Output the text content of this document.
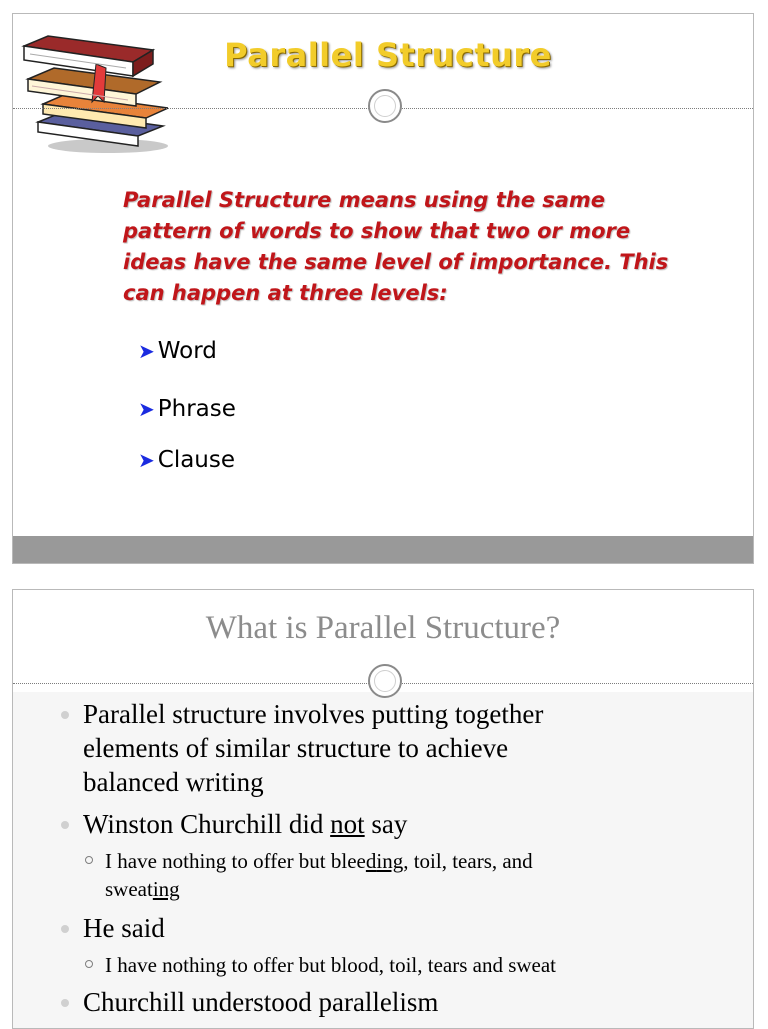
Parallel Structure
Parallel Structure means using the same pattern of words to show that two or more ideas have the same level of importance. This can happen at three levels:
➤ Word
➤ Phrase
➤ Clause
What is Parallel Structure?
Parallel structure involves putting together
elements of similar structure to achieve
balanced writing
Winston Churchill did not say
I have nothing to offer but bleeding, toil, tears, and
sweating
He said
I have nothing to offer but blood, toil, tears and sweat
Churchill understood parallelism
